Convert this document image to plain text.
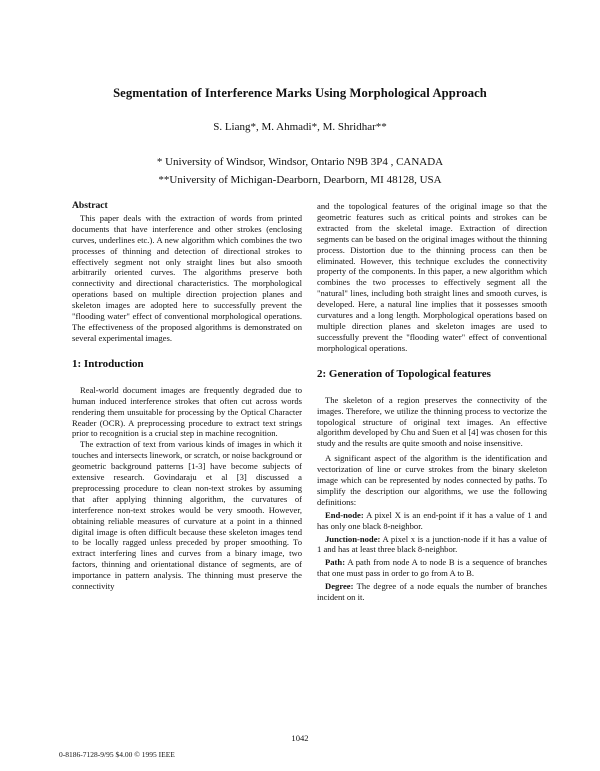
Segmentation of Interference Marks Using Morphological Approach
S. Liang*, M. Ahmadi*, M. Shridhar**
* University of Windsor, Windsor, Ontario N9B 3P4 , CANADA
**University of Michigan-Dearborn, Dearborn, MI 48128, USA
Abstract

This paper deals with the extraction of words from printed documents that have interference and other strokes (enclosing curves, underlines etc.). A new algorithm which combines the two processes of thinning and detection of directional strokes to effectively segment not only straight lines but also smooth arbitrarily oriented curves. The algorithms preserve both connectivity and directional characteristics. The morphological operations based on multiple direction projection planes and skeleton images are adopted here to successfully prevent the "flooding water" effect of conventional morphological operations. The effectiveness of the proposed algorithms is demonstrated on several experimental images.

1: Introduction

Real-world document images are frequently degraded due to human induced interference strokes that often cut across words rendering them unsuitable for processing by the Optical Character Reader (OCR). A preprocessing procedure to extract text strings prior to recognition is a crucial step in machine recognition.

The extraction of text from various kinds of images in which it touches and intersects linework, or scratch, or noise background or geometric background patterns [1-3] have become subjects of extensive research. Govindaraju et al [3] discussed a preprocessing procedure to clean non-text strokes by assuming that after applying thinning algorithm, the curvatures of interference non-text strokes would be very smooth. However, obtaining reliable measures of curvature at a point in a thinned digital image is often difficult because these skeleton images tend to be locally ragged unless preceded by proper smoothing. To extract interfering lines and curves from a binary image, two factors, thinning and orientational distance of segments, are of importance in pattern analysis. The thinning must preserve the connectivity

and the topological features of the original image so that the geometric features such as critical points and strokes can be extracted from the skeletal image. Extraction of direction segments can be based on the original images without the thinning process. Distortion due to the thinning process can then be eliminated. However, this technique excludes the connectivity property of the components. In this paper, a new algorithm which combines the two processes to effectively segment all the "natural" lines, including both straight lines and smooth curves, is developed. Here, a natural line implies that it possesses smooth curvatures and a long length. Morphological operations based on multiple direction planes and skeleton images are used to successfully prevent the "flooding water" effect of conventional morphological operations.

2: Generation of Topological features

The skeleton of a region preserves the connectivity of the images. Therefore, we utilize the thinning process to vectorize the topological structure of original text images. An effective algorithm developed by Chu and Suen et al [4] was chosen for this study and the results are quite smooth and noise insensitive.

A significant aspect of the algorithm is the identification and vectorization of line or curve strokes from the binary skeleton image which can be represented by nodes connected by paths. To simplify the description our algorithms, we use the following definitions:

End-node: A pixel X is an end-point if it has a value of 1 and has only one black 8-neighbor.

Junction-node: A pixel x is a junction-node if it has a value of 1 and has at least three black 8-neighbor.

Path: A path from node A to node B is a sequence of branches that one must pass in order to go from A to B.

Degree: The degree of a node equals the number of branches incident on it.

1042
0-8186-7128-9/95 $4.00 © 1995 IEEE
